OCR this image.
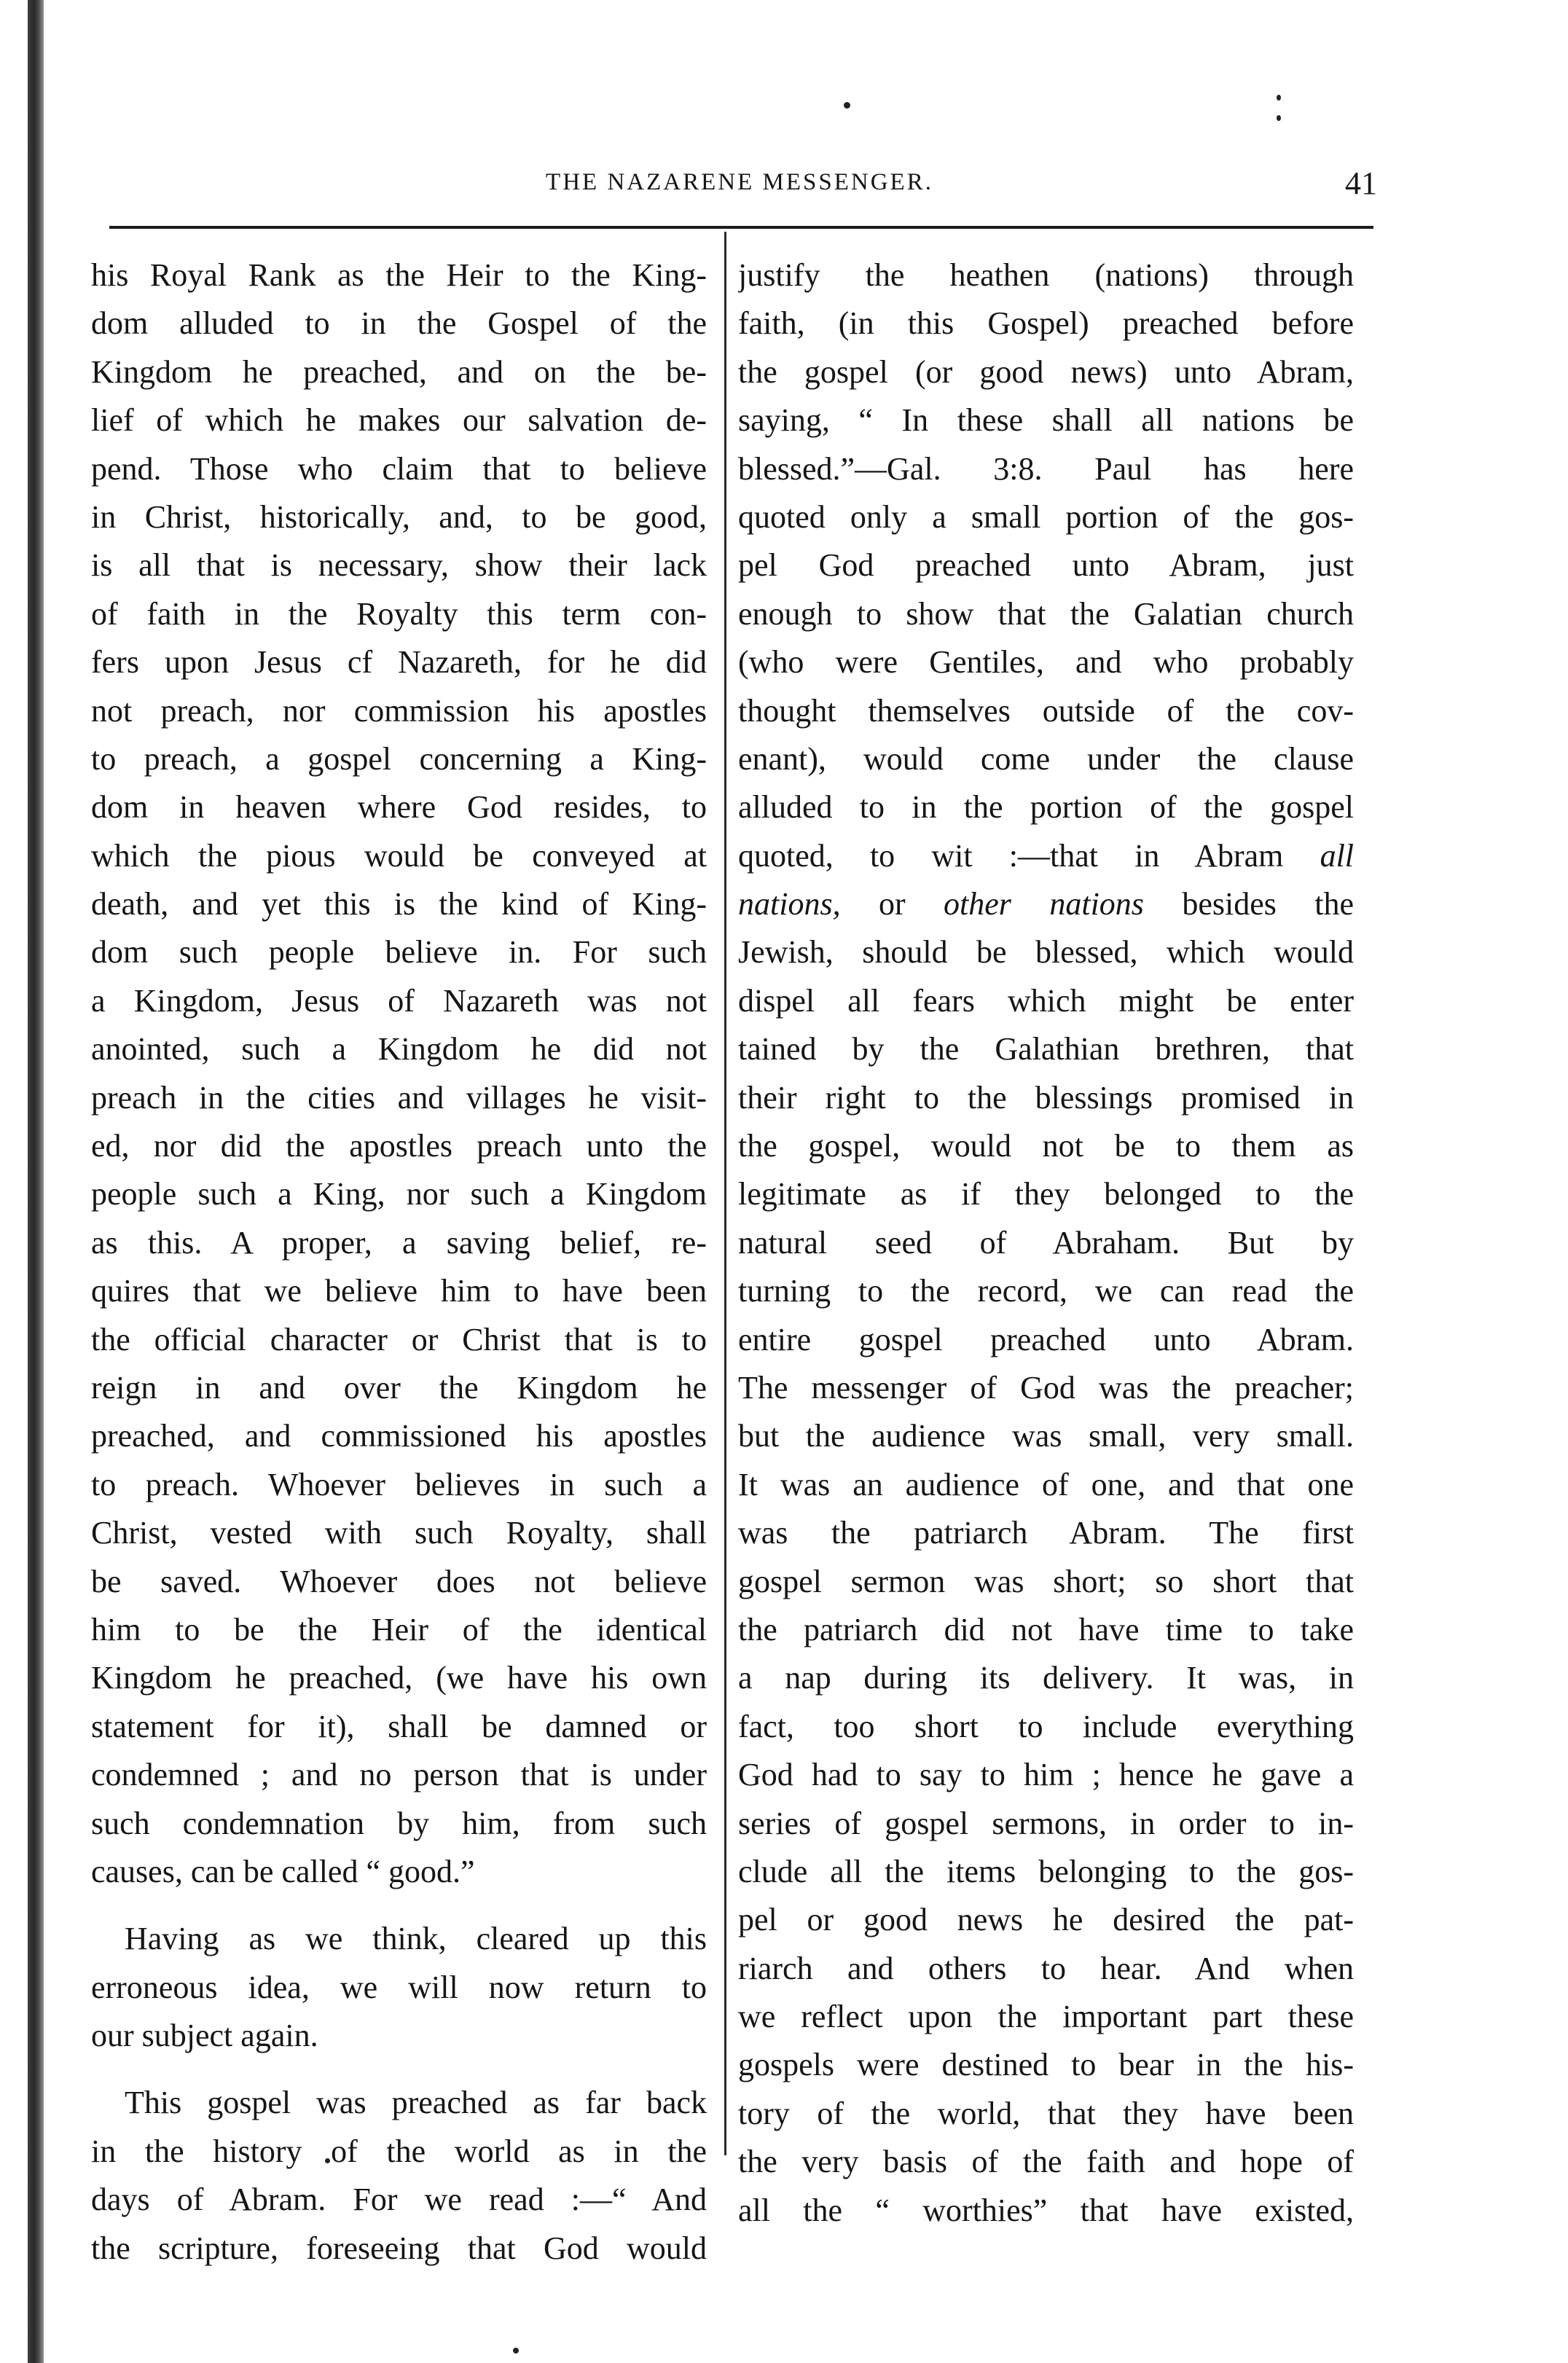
THE NAZARENE MESSENGER.	41
his Royal Rank as the Heir to the King-
dom alluded to in the Gospel of the
Kingdom he preached, and on the be-
lief of which he makes our salvation de-
pend. Those who claim that to believe
in Christ, historically, and, to be good,
is all that is necessary, show their lack
of faith in the Royalty this term con-
fers upon Jesus cf Nazareth, for he did
not preach, nor commission his apostles
to preach, a gospel concerning a King-
dom in heaven where God resides, to
which the pious would be conveyed at
death, and yet this is the kind of King-
dom such people believe in. For such
a Kingdom, Jesus of Nazareth was not
anointed, such a Kingdom he did not
preach in the cities and villages he visit-
ed, nor did the apostles preach unto the
people such a King, nor such a Kingdom
as this. A proper, a saving belief, re-
quires that we believe him to have been
the official character or Christ that is to
reign in and over the Kingdom he
preached, and commissioned his apostles
to preach. Whoever believes in such a
Christ, vested with such Royalty, shall
be saved. Whoever does not believe
him to be the Heir of the identical
Kingdom he preached, (we have his own
statement for it), shall be damned or
condemned ; and no person that is under
such condemnation by him, from such
causes, can be called “ good.”
Having as we think, cleared up this
erroneous idea, we will now return to
our subject again.
This gospel was preached as far back
in the history of the world as in the
days of Abram. For we read :—“ And
the scripture, foreseeing that God would
justify the heathen (nations) through
faith, (in this Gospel) preached before
the gospel (or good news) unto Abram,
saying, “ In these shall all nations be
blessed.”—Gal. 3:8. Paul has here
quoted only a small portion of the gos-
pel God preached unto Abram, just
enough to show that the Galatian church
(who were Gentiles, and who probably
thought themselves outside of the cov-
enant), would come under the clause
alluded to in the portion of the gospel
quoted, to wit :—that in Abram all
nations, or other nations besides the
Jewish, should be blessed, which would
dispel all fears which might be enter
tained by the Galathian brethren, that
their right to the blessings promised in
the gospel, would not be to them as
legitimate as if they belonged to the
natural seed of Abraham. But by
turning to the record, we can read the
entire gospel preached unto Abram.
The messenger of God was the preacher;
but the audience was small, very small.
It was an audience of one, and that one
was the patriarch Abram. The first
gospel sermon was short; so short that
the patriarch did not have time to take
a nap during its delivery. It was, in
fact, too short to include everything
God had to say to him ; hence he gave a
series of gospel sermons, in order to in-
clude all the items belonging to the gos-
pel or good news he desired the pat-
riarch and others to hear. And when
we reflect upon the important part these
gospels were destined to bear in the his-
tory of the world, that they have been
the very basis of the faith and hope of
all the “ worthies” that have existed,
